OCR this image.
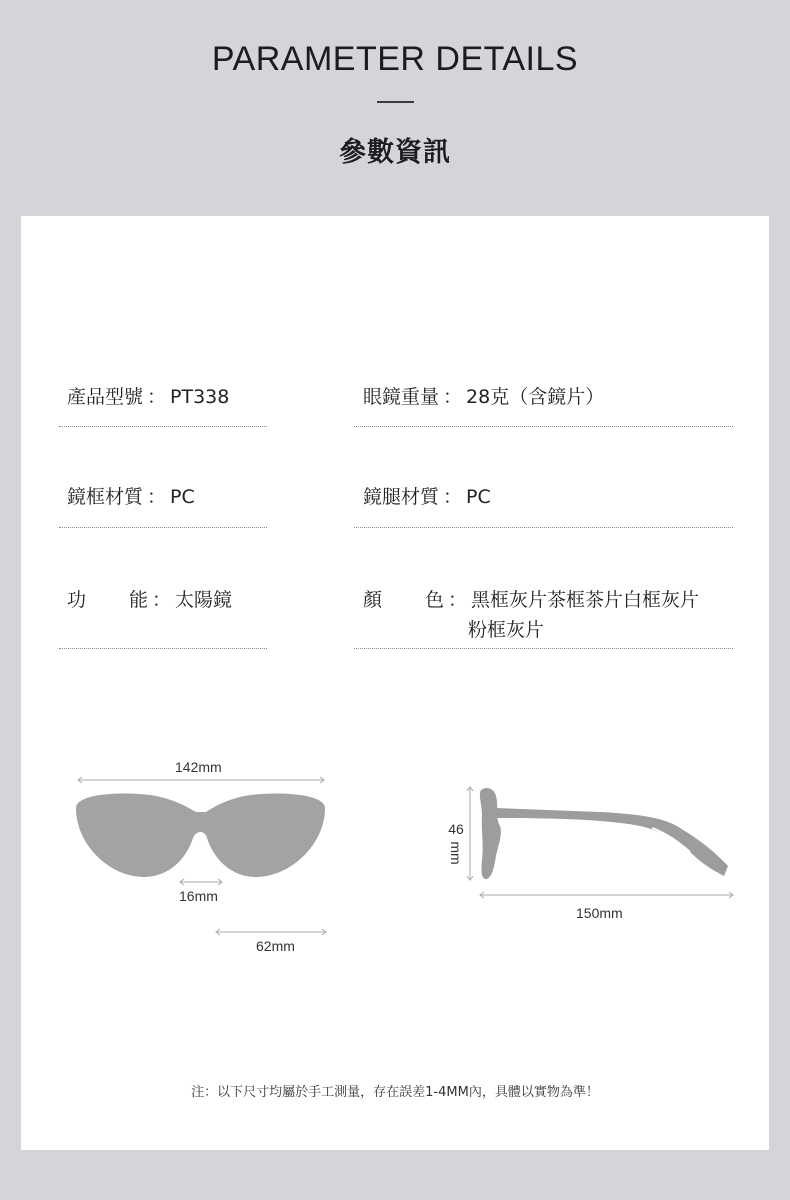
PARAMETER DETAILS
參數資訊
產品型號 ： PT338	眼鏡重量 ： 28克（含鏡片）
鏡框材質 ： PC	鏡腿材質 ： PC
功 能 ： 太陽鏡	顏 色 ： 黑框灰片茶框茶片白框灰片
粉框灰片
142mm
16mm
62mm
46
mm
150mm
注：以下尺寸均屬於手工測量，存在誤差1-4MM內，具體以實物為準！
